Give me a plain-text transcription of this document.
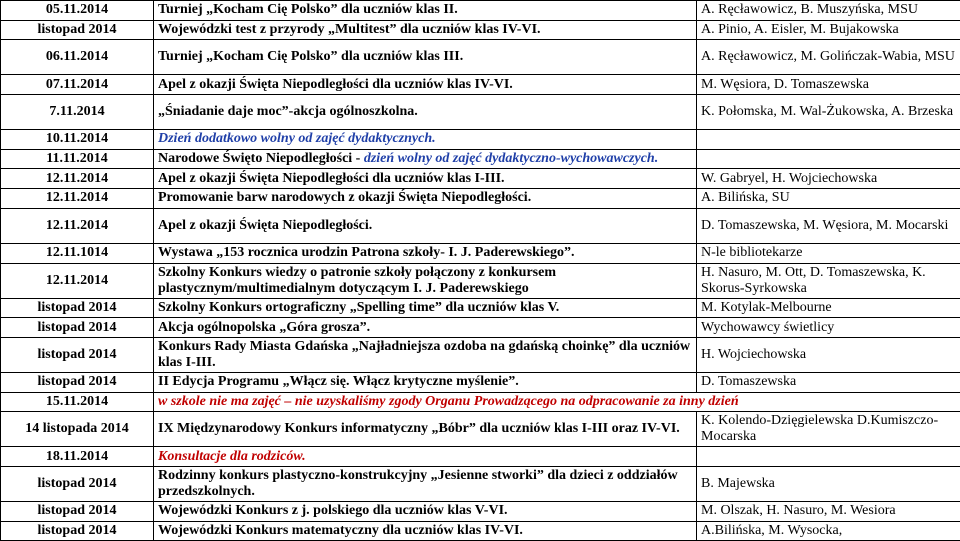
05.11.2014	Turniej „Kocham Cię Polsko” dla uczniów klas II.	A. Ręcławowicz, B. Muszyńska, MSU
listopad 2014	Wojewódzki test z przyrody „Multitest” dla uczniów klas IV-VI.	A. Pinio, A. Eisler, M. Bujakowska
06.11.2014	Turniej „Kocham Cię Polsko” dla uczniów klas III.	A. Ręcławowicz, M. Golińczak-Wabia, MSU
07.11.2014	Apel z okazji Święta Niepodległości dla uczniów klas IV-VI.	M. Węsiora, D. Tomaszewska
7.11.2014	„Śniadanie daje moc”-akcja ogólnoszkolna.	K. Połomska, M. Wal-Żukowska, A. Brzeska
10.11.2014	Dzień dodatkowo wolny od zajęć dydaktycznych.	
11.11.2014	Narodowe Święto Niepodległości - dzień wolny od zajęć dydaktyczno-wychowawczych.	
12.11.2014	Apel z okazji Święta Niepodległości dla uczniów klas I-III.	W. Gabryel, H. Wojciechowska
12.11.2014	Promowanie barw narodowych z okazji Święta Niepodległości.	A. Bilińska, SU
12.11.2014	Apel z okazji Święta Niepodległości.	D. Tomaszewska, M. Węsiora, M. Mocarski
12.11.1014	Wystawa „153 rocznica urodzin Patrona szkoły- I. J. Paderewskiego”.	N-le bibliotekarze
12.11.2014	Szkolny Konkurs wiedzy o patronie szkoły połączony z konkursem plastycznym/multimedialnym dotyczącym I. J. Paderewskiego	H. Nasuro, M. Ott, D. Tomaszewska, K. Skorus-Syrkowska
listopad 2014	Szkolny Konkurs ortograficzny „Spelling time” dla uczniów klas V.	M. Kotylak-Melbourne
listopad 2014	Akcja ogólnopolska „Góra grosza”.	Wychowawcy świetlicy
listopad 2014	Konkurs Rady Miasta Gdańska „Najładniejsza ozdoba na gdańską choinkę” dla uczniów klas I-III.	H. Wojciechowska
listopad 2014	II Edycja Programu „Włącz się. Włącz krytyczne myślenie”.	D. Tomaszewska
15.11.2014	w szkole nie ma zajęć – nie uzyskaliśmy zgody Organu Prowadzącego na odpracowanie za inny dzień	
14 listopada 2014	IX Międzynarodowy Konkurs informatyczny „Bóbr” dla uczniów klas I-III oraz IV-VI.	K. Kolendo-Dzięgielewska D.Kumiszczo-Mocarska
18.11.2014	Konsultacje dla rodziców.	
listopad 2014	Rodzinny konkurs plastyczno-konstrukcyjny „Jesienne stworki” dla dzieci z oddziałów przedszkolnych.	B. Majewska
listopad 2014	Wojewódzki Konkurs z j. polskiego dla uczniów klas V-VI.	M. Olszak, H. Nasuro, M. Wesiora
listopad 2014	Wojewódzki Konkurs matematyczny dla uczniów klas IV-VI.	A.Bilińska, M. Wysocka,
